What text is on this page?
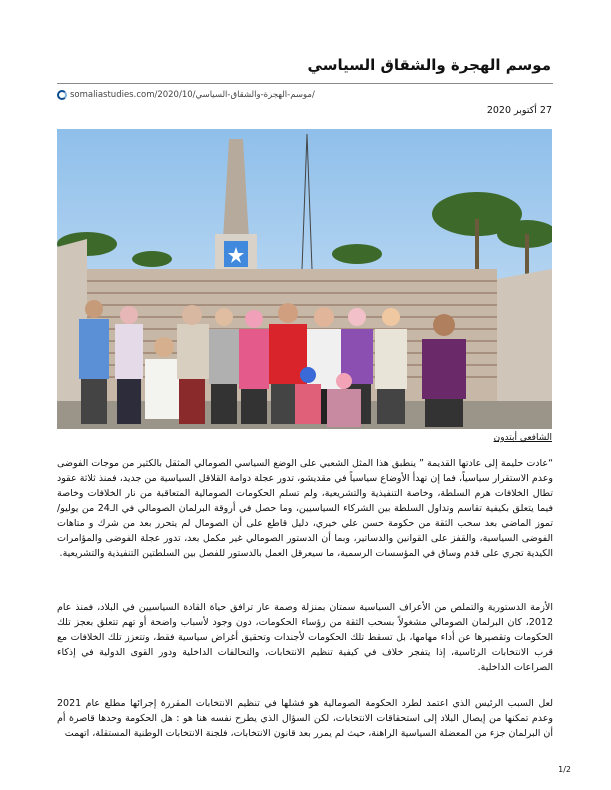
موسم الهجرة والشقاق السياسي
somaliastudies.com/2020/10/موسم-الهجرة-والشقاق-السياسي/
27 أكتوبر 2020
الشافعي أبتدون

“عادت حليمة إلى عادتها القديمة ” ينطبق هذا المثل الشعبي على الوضع السياسي الصومالي المثقل بالكثير من موجات الفوضى وعدم الاستقرار سياسياً، فما إن تهدأ الأوضاع سياسياً في مقديشو، تدور عجلة دوامة القلاقل السياسية من جديد، فمنذ ثلاثة عقود تطال الخلافات هرم السلطة، وخاصة التنفيذية والتشريعية، ولم تسلم الحكومات الصومالية المتعاقبة من نار الخلافات وخاصة فيما يتعلق بكيفية تقاسم وتداول السلطة بين الشركاء السياسيين، وما حصل في أروقة البرلمان الصومالي في الـ24 من يوليو/تموز الماضي بعد سحب الثقة من حكومة حسن علي خيري، دليل قاطع على أن الصومال لم يتحرر بعد من شرك و متاهات الفوضى السياسية، والقفز على القوانين والدساتير، وبما أن الدستور الصومالي غير مكمل بعد، تدور عجلة الفوضى والمؤامرات الكيدية تجري على قدم وساق في المؤسسات الرسمية، ما سيعرقل العمل بالدستور للفصل بين السلطتين التنفيذية والتشريعية.

الأزمة الدستورية والتملص من الأعراف السياسية سمتان بمنزلة وصمة عار ترافق حياة القادة السياسيين في البلاد، فمنذ عام 2012، كان البرلمان الصومالي مشغولاً بسحب الثقة من رؤساء الحكومات، دون وجود لأسباب واضحة أو تهم تتعلق بعجز تلك الحكومات وتقصيرها عن أداء مهامها، بل تسقط تلك الحكومات لأجندات وتحقيق أغراض سياسية فقط، وتتعزز تلك الخلافات مع قرب الانتخابات الرئاسية، إذا يتفجر خلاف في كيفية تنظيم الانتخابات، والتحالفات الداخلية ودور القوى الدولية في إذكاء الصراعات الداخلية.

لعل السبب الرئيس الذي اعتمد لطرد الحكومة الصومالية هو فشلها في تنظيم الانتخابات المقررة إجرائها مطلع عام 2021 وعدم تمكنها من إيصال البلاد إلى استحقاقات الانتخابات، لكن السؤال الذي يطرح نفسه هنا هو : هل الحكومة وحدها قاصرة أم أن البرلمان جزء من المعضلة السياسية الراهنة، حيث لم يمرر بعد قانون الانتخابات، فلجنة الانتخابات الوطنية المستقلة، اتهمت

1/2
